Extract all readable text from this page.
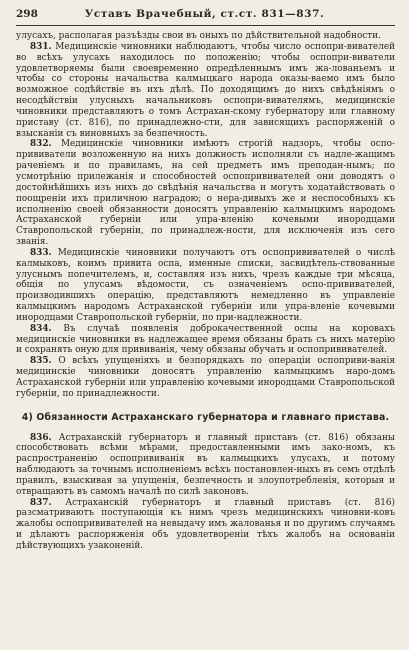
298	Уставъ Врачебный, ст.ст. 831—837.

улусахъ, располагая разъѣзды свои въ оныхъ по дѣйствительной надобности.

831. Медицинскіе чиновники наблюдаютъ, чтобы число оспопри-вивателей во всѣхъ улусахъ находилось по положенію; чтобы оспопри-виватели удовлетворяемы были своевременно опредѣленнымъ имъ жа-лованьемъ и чтобы со стороны начальства калмыцкаго народа оказы-ваемо имъ было возможное содѣйствіе въ ихъ дѣлѣ. По доходящимъ до нихъ свѣдѣніямъ о несодѣйствіи улусныхъ начальниковъ оспопри-вивателямъ, медицинскіе чиновники представляютъ о томъ Астрахан-скому губернатору или главному приставу (ст. 816), по принадлежно-сти, для зависящихъ распоряженій о взысканіи съ виновныхъ за безпечность.

832. Медицинскіе чиновники имѣютъ строгій надзоръ, чтобы оспо-прививатели возложенную на нихъ должность исполняли съ надле-жащимъ раченіемъ и по правиламъ, на сей предметъ имъ преподан-нымъ; по усмотрѣнію прилежанія и способностей оспопрививателей они доводятъ о достойнѣйшихъ изъ нихъ до свѣдѣнія начальства и могутъ ходатайствовать о поощреніи ихъ приличною наградою; о нера-дивыхъ же и неспособныхъ къ исполненію своей обязанности доносятъ управленію калмыцкимъ народомъ Астраханской губерніи или упра-вленію кочевыми инородцами Ставропольской губерніи, по принадлеж-ности, для исключенія изъ сего званія.

833. Медицинскіе чиновники получаютъ отъ оспопрививателей о числѣ калмыковъ, коимъ привита оспа, именные списки, засвидѣтель-ствованные улуснымъ попечителемъ, и, составляя изъ нихъ, чрезъ каждые три мѣсяца, общія по улусамъ вѣдомости, съ означеніемъ оспо-прививателей, производившихъ операцію, представляютъ немедленно въ управленіе калмыцкимъ народомъ Астраханской губерніи или упра-вленіе кочевыми инородцами Ставропольской губерніи, по при-надлежности.

834. Въ случаѣ появленія доброкачественной оспы на коровахъ медицинскіе чиновники въ надлежащее время обязаны брать съ нихъ матерію и сохранять оную для прививанія, чему обязаны обучать и оспопрививателей.

835. О всѣхъ упущеніяхъ и безпорядкахъ по операціи оспоприви-ванія медицинскіе чиновники доносятъ управленію калмыцкимъ наро-домъ Астраханской губерніи или управленію кочевыми инородцами Ставропольской губерніи, по принадлежности.

4) Обязанности Астраханскаго губернатора и главнаго пристава.

836. Астраханскій губернаторъ и главный приставъ (ст. 816) обязаны способствовать всѣми мѣрами, предоставленными имъ зако-номъ, къ распространенію оспопрививанія въ калмыцкихъ улусахъ, и потому наблюдаютъ за точнымъ исполненіемъ всѣхъ постановлен-ныхъ въ семъ отдѣлѣ правилъ, взыскивая за упущенія, безпечность и злоупотребленія, которыя и отвращаютъ въ самомъ началѣ по силѣ законовъ.

837. Астраханскій губернаторъ и главный приставъ (ст. 816) разсматриваютъ поступающія къ нимъ чрезъ медицинскихъ чиновни-ковъ жалобы оспопрививателей на невыдачу имъ жалованья и по другимъ случаямъ и дѣлаютъ распоряженія объ удовлетвореніи тѣхъ жалобъ на основаніи дѣйствующихъ узаконеній.
